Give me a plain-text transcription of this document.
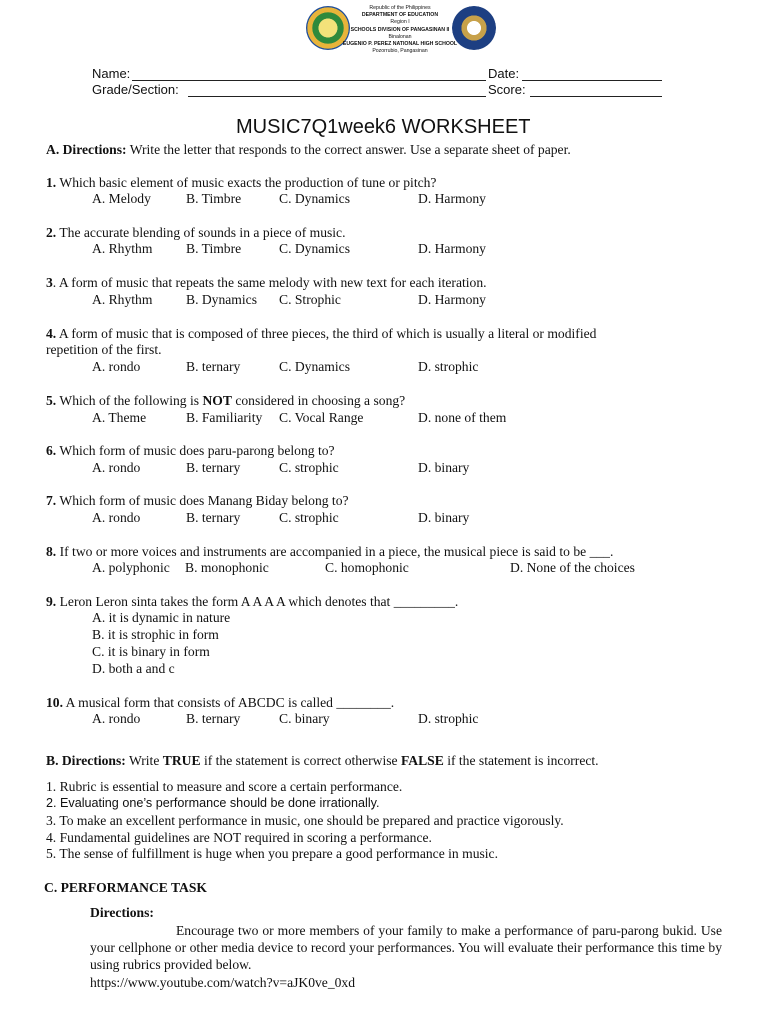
Republic of the Philippines
DEPARTMENT OF EDUCATION
Region I
SCHOOLS DIVISION OF PANGASINAN II
Binalonan
EUGENIO P. PEREZ NATIONAL HIGH SCHOOL
Pozorrubio, Pangasinan
Name:	Date:
Grade/Section:	Score:
MUSIC7Q1week6 WORKSHEET
A. Directions: Write the letter that responds to the correct answer. Use a separate sheet of paper.
1. Which basic element of music exacts the production of tune or pitch?
A. Melody	B. Timbre	C. Dynamics	D. Harmony
2. The accurate blending of sounds in a piece of music.
A. Rhythm B. Timbre	C. Dynamics	D. Harmony
3. A form of music that repeats the same melody with new text for each iteration.
A. Rhythm B. Dynamics C. Strophic	D. Harmony
4. A form of music that is composed of three pieces, the third of which is usually a literal or modified
repetition of the first.
A. rondo	B. ternary	C. Dynamics	D. strophic
5. Which of the following is NOT considered in choosing a song?
A. Theme	B. Familiarity C. Vocal Range	D. none of them
6. Which form of music does paru-parong belong to?
A. rondo	B. ternary	C. strophic	D. binary
7. Which form of music does Manang Biday belong to?
A. rondo	B. ternary	C. strophic	D. binary
8. If two or more voices and instruments are accompanied in a piece, the musical piece is said to be ___.
A. polyphonic B. monophonic	C. homophonic	D. None of the choices
9. Leron Leron sinta takes the form A A A A which denotes that _________.
A. it is dynamic in nature
B. it is strophic in form
C. it is binary in form
D. both a and c
10. A musical form that consists of ABCDC is called ________.
A. rondo	B. ternary	C. binary	D. strophic
B. Directions: Write TRUE if the statement is correct otherwise FALSE if the statement is incorrect.
1. Rubric is essential to measure and score a certain performance.
2. Evaluating one’s performance should be done irrationally.
3. To make an excellent performance in music, one should be prepared and practice vigorously.
4. Fundamental guidelines are NOT required in scoring a performance.
5. The sense of fulfillment is huge when you prepare a good performance in music.
C. PERFORMANCE TASK
Directions:
Encourage two or more members of your family to make a performance of paru-parong bukid. Use your cellphone or other media device to record your performances. You will evaluate their performance this time by using rubrics provided below.
https://www.youtube.com/watch?v=aJK0ve_0xd
